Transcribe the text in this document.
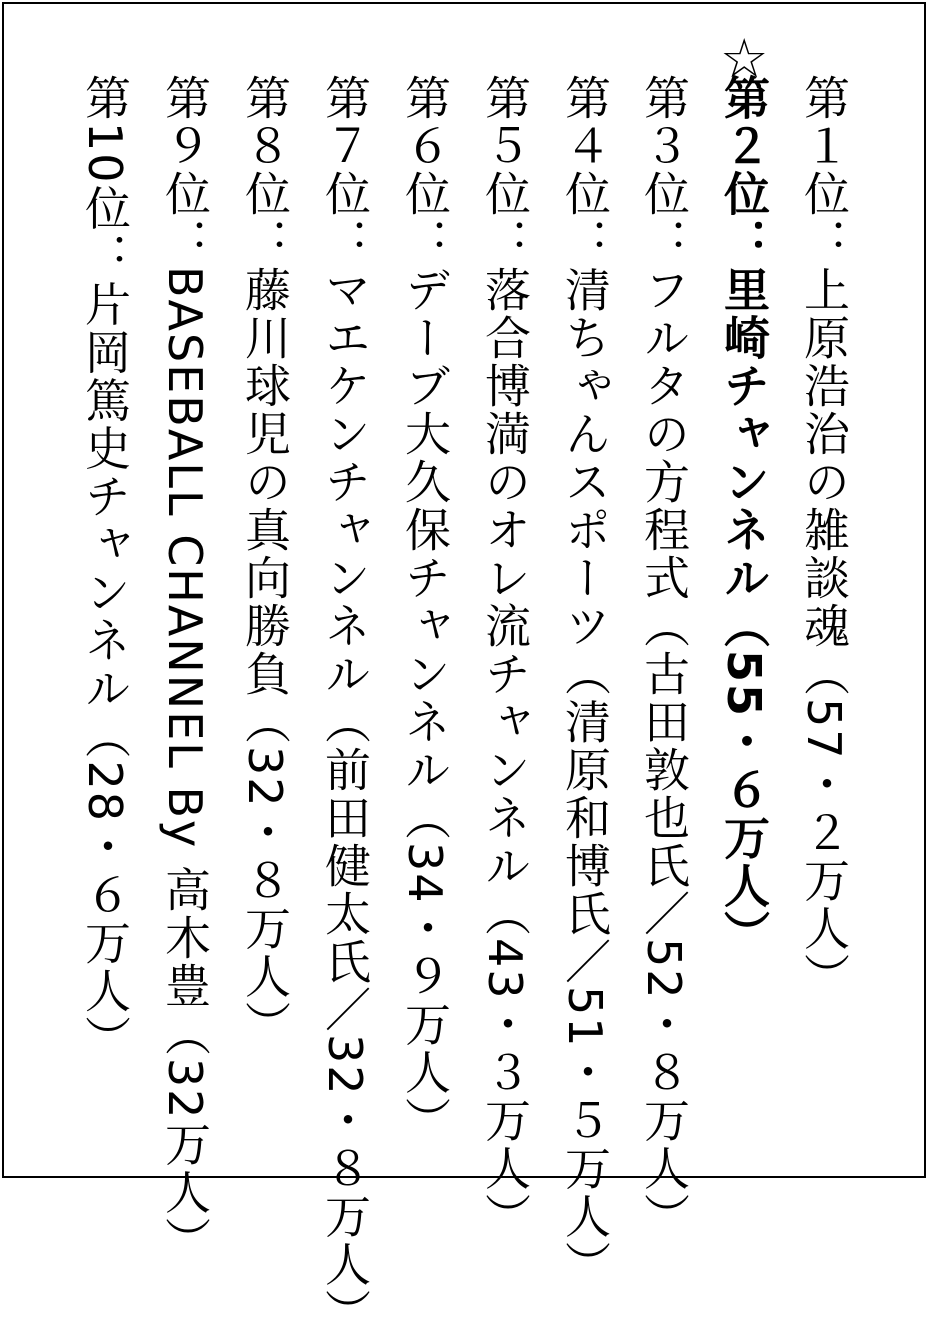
☆
第１位：上原浩治の雑談魂（57・２万人）
第２位：里崎チャンネル（55・６万人）
第３位：フルタの方程式（古田敦也氏／52・８万人）
第４位：清ちゃんスポーツ（清原和博氏／51・５万人）
第５位：落合博満のオレ流チャンネル（43・３万人）
第６位：デーブ大久保チャンネル（34・９万人）
第７位：マエケンチャンネル（前田健太氏／32・８万人）
第８位：藤川球児の真向勝負（32・８万人）
第９位：BASEBALL CHANNEL By 高木豊（32万人）
第10位：片岡篤史チャンネル（28・６万人）
